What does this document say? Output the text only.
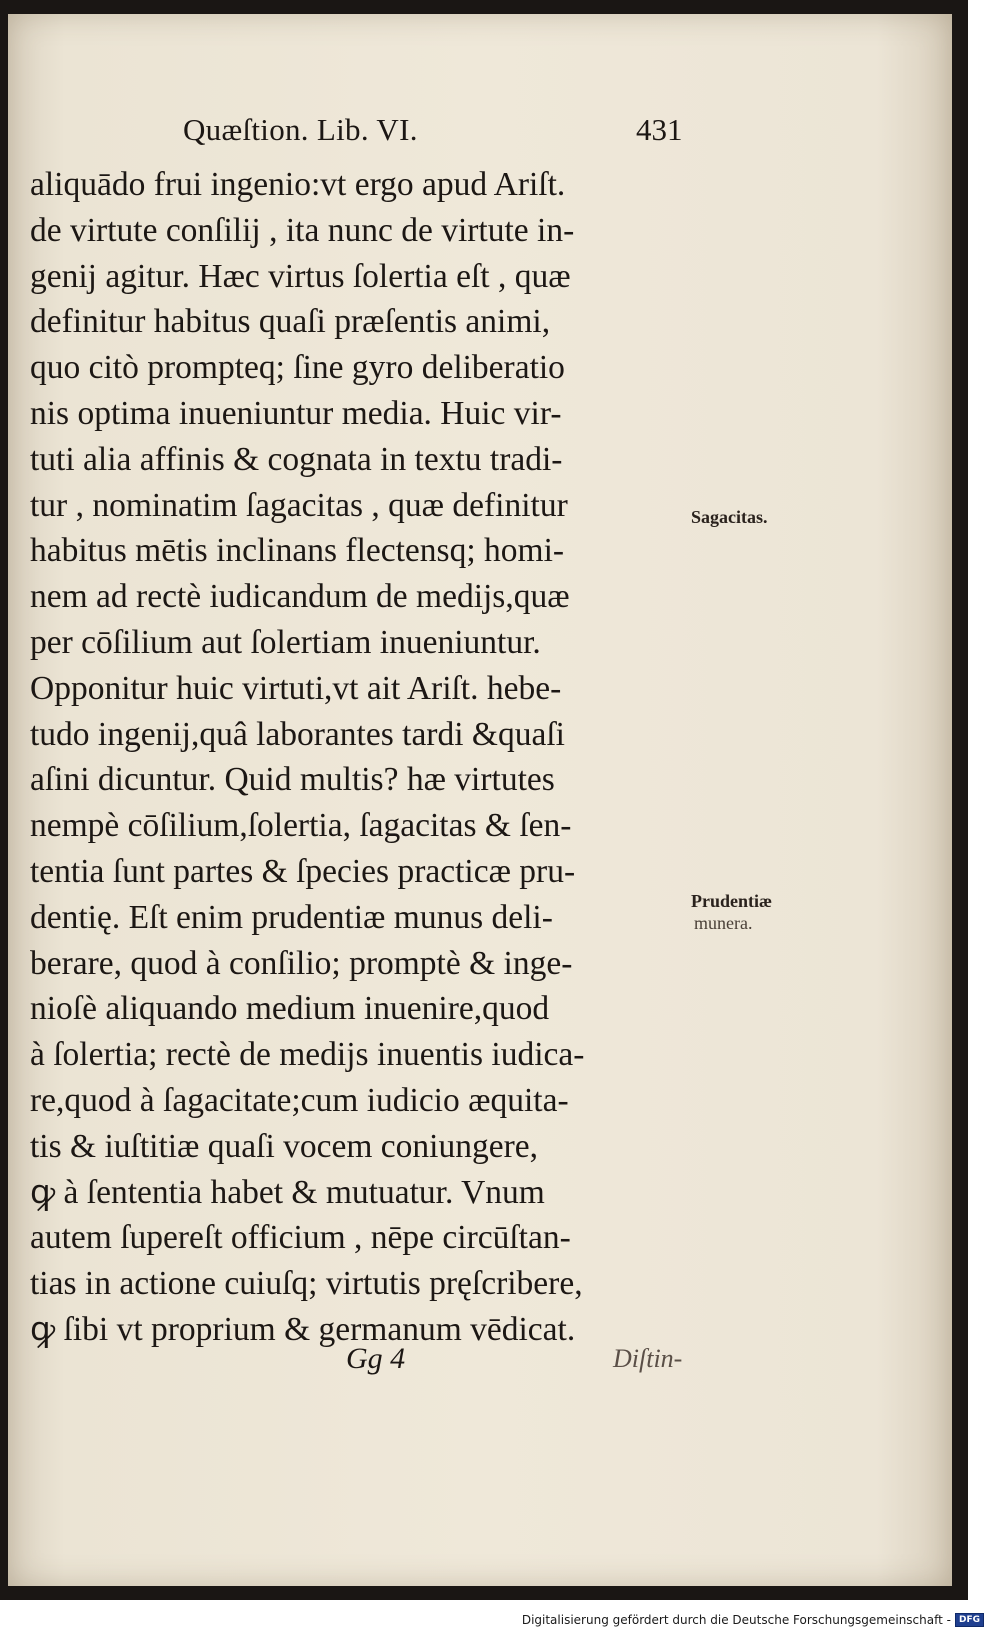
Quæſtion. Lib. VI.	431
aliquādo frui ingenio:vt ergo apud Ariſt.
de virtute conſilij , ita nunc de virtute in-
genij agitur. Hæc virtus ſolertia eſt , quæ
definitur habitus quaſi præſentis animi,
quo citò prompteq; ſine gyro deliberatio
nis optima inueniuntur media. Huic vir-
tuti alia affinis & cognata in textu tradi-
tur , nominatim ſagacitas , quæ definitur
habitus mētis inclinans flectensq; homi-
nem ad rectè iudicandum de medijs,quæ
per cōſilium aut ſolertiam inueniuntur.
Opponitur huic virtuti,vt ait Ariſt. hebe-
tudo ingenij,quâ laborantes tardi &quaſi
aſini dicuntur. Quid multis? hæ virtutes
nempè cōſilium,ſolertia, ſagacitas & ſen-
tentia ſunt partes & ſpecies practicæ pru-
dentię. Eſt enim prudentiæ munus deli-
berare, quod à conſilio; promptè & inge-
nioſè aliquando medium inuenire,quod
à ſolertia; rectè de medijs inuentis iudica-
re,quod à ſagacitate;cum iudicio æquita-
tis & iuſtitiæ quaſi vocem coniungere,
ꝙ à ſententia habet & mutuatur. Vnum
autem ſupereſt officium , nēpe circūſtan-
tias in actione cuiuſq; virtutis pręſcribere,
ꝙ ſibi vt proprium & germanum vēdicat.
Sagacitas.
Prudentiæ
munera.
Gg 4	Diſtin-
Digitalisierung gefördert durch die Deutsche Forschungsgemeinschaft - DFG
